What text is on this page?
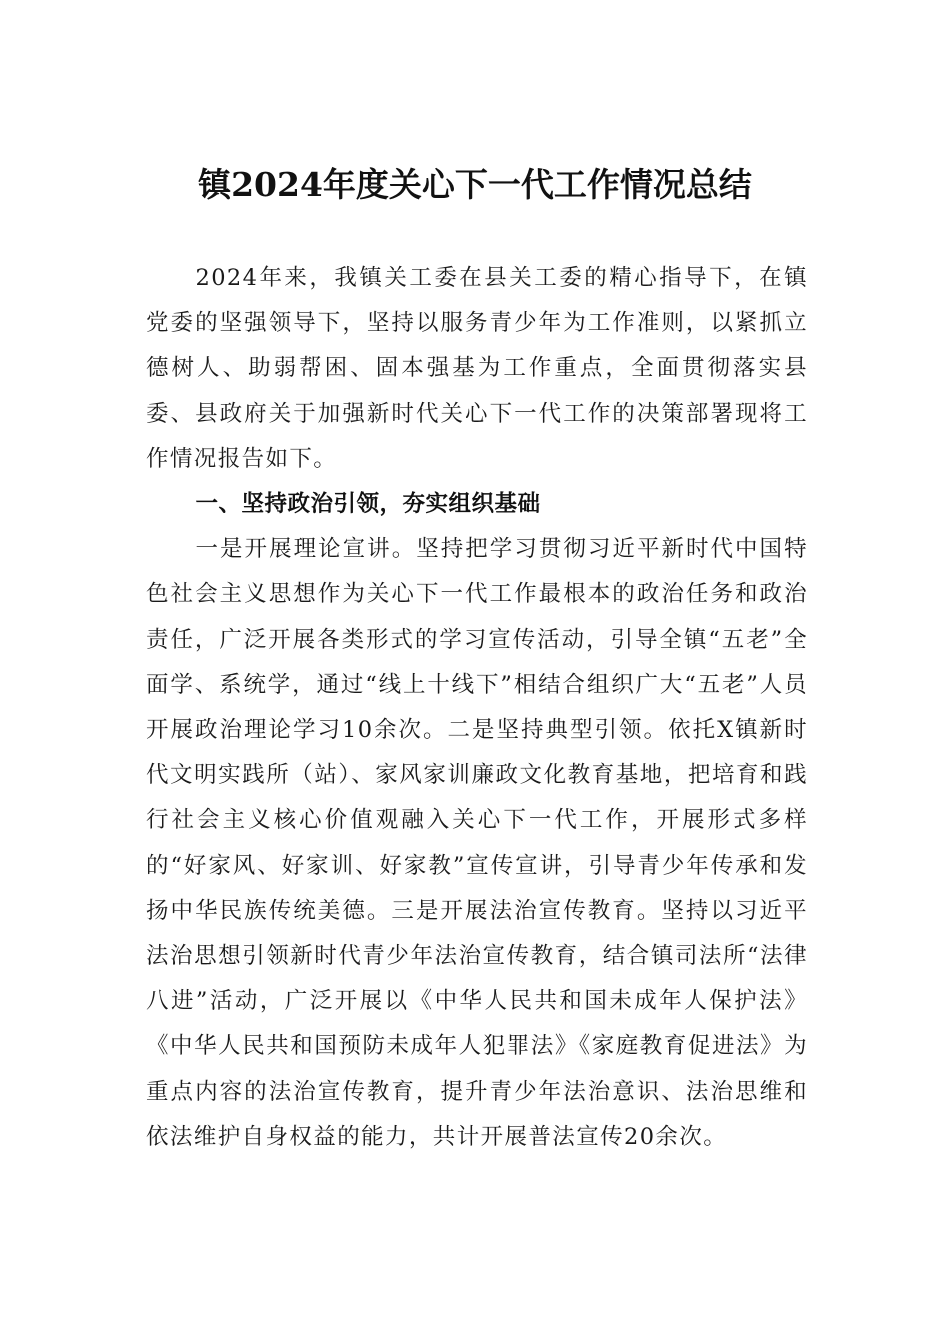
镇2024年度关心下一代工作情况总结

2024年来，我镇关工委在县关工委的精心指导下，在镇党委的坚强领导下，坚持以服务青少年为工作准则，以紧抓立德树人、助弱帮困、固本强基为工作重点，全面贯彻落实县委、县政府关于加强新时代关心下一代工作的决策部署现将工作情况报告如下。

一、坚持政治引领，夯实组织基础

一是开展理论宣讲。坚持把学习贯彻习近平新时代中国特色社会主义思想作为关心下一代工作最根本的政治任务和政治责任，广泛开展各类形式的学习宣传活动，引导全镇“五老”全面学、系统学，通过“线上十线下”相结合组织广大“五老”人员开展政治理论学习10余次。二是坚持典型引领。依托X镇新时代文明实践所（站）、家风家训廉政文化教育基地，把培育和践行社会主义核心价值观融入关心下一代工作，开展形式多样的“好家风、好家训、好家教”宣传宣讲，引导青少年传承和发扬中华民族传统美德。三是开展法治宣传教育。坚持以习近平法治思想引领新时代青少年法治宣传教育，结合镇司法所“法律八进”活动，广泛开展以《中华人民共和国未成年人保护法》《中华人民共和国预防未成年人犯罪法》《家庭教育促进法》为重点内容的法治宣传教育，提升青少年法治意识、法治思维和依法维护自身权益的能力，共计开展普法宣传20余次。
